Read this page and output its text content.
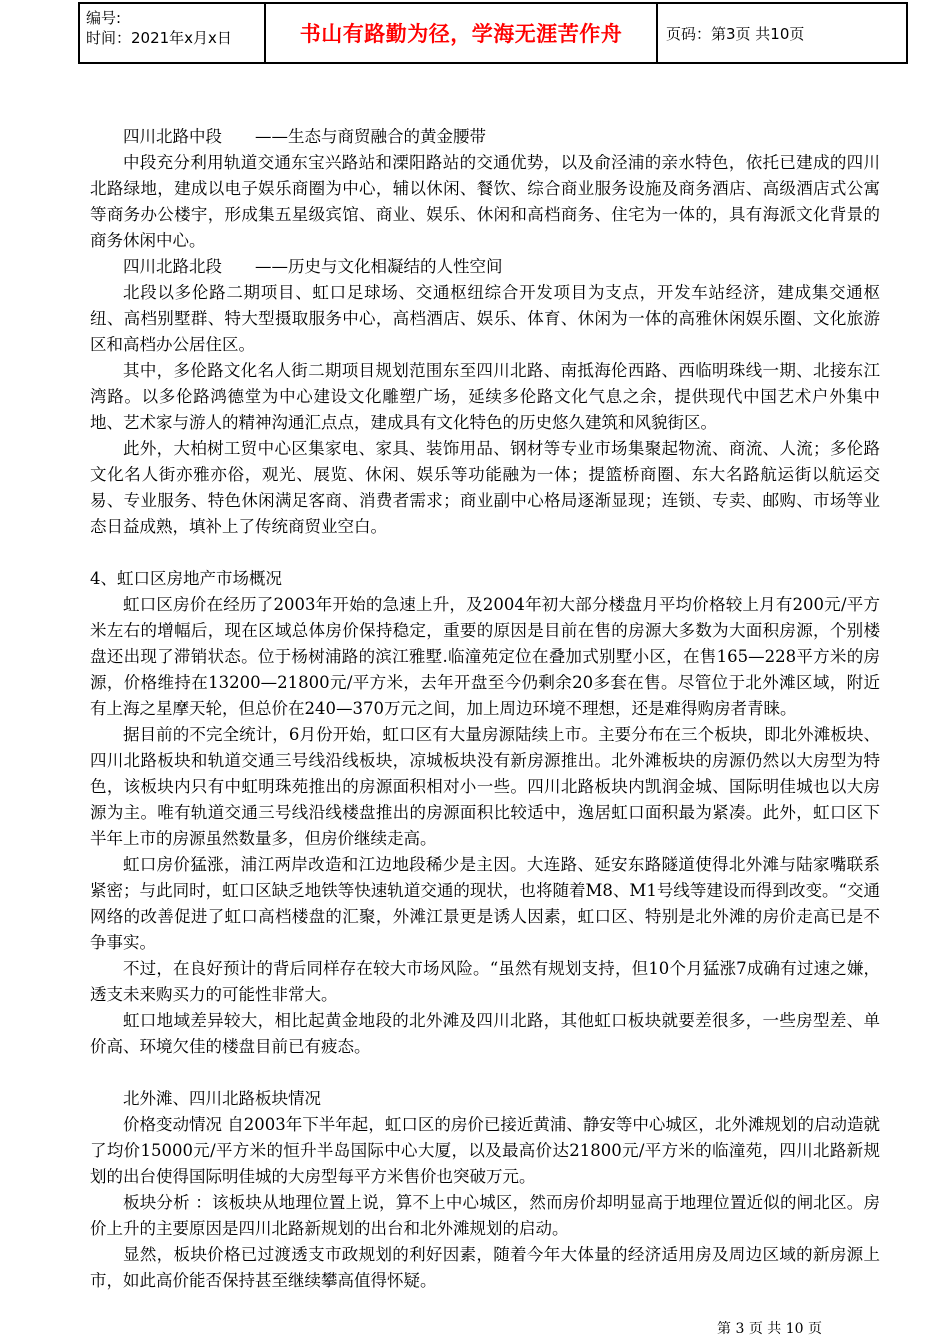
编号:
时间：2021年x月x日	书山有路勤为径，学海无涯苦作舟	页码：第3页 共10页

四川北路中段　　——生态与商贸融合的黄金腰带

中段充分利用轨道交通东宝兴路站和溧阳路站的交通优势，以及俞泾浦的亲水特色，依托已建成的四川北路绿地，建成以电子娱乐商圈为中心，辅以休闲、餐饮、综合商业服务设施及商务酒店、高级酒店式公寓等商务办公楼宇，形成集五星级宾馆、商业、娱乐、休闲和高档商务、住宅为一体的，具有海派文化背景的商务休闲中心。

四川北路北段　　——历史与文化相凝结的人性空间

北段以多伦路二期项目、虹口足球场、交通枢纽综合开发项目为支点，开发车站经济，建成集交通枢纽、高档别墅群、特大型摄取服务中心，高档酒店、娱乐、体育、休闲为一体的高雅休闲娱乐圈、文化旅游区和高档办公居住区。

其中，多伦路文化名人街二期项目规划范围东至四川北路、南抵海伦西路、西临明珠线一期、北接东江湾路。以多伦路鸿德堂为中心建设文化雕塑广场，延续多伦路文化气息之余，提供现代中国艺术户外集中地、艺术家与游人的精神沟通汇点点，建成具有文化特色的历史悠久建筑和风貌街区。

此外，大柏树工贸中心区集家电、家具、装饰用品、钢材等专业市场集聚起物流、商流、人流；多伦路文化名人街亦雅亦俗，观光、展览、休闲、娱乐等功能融为一体；提篮桥商圈、东大名路航运街以航运交易、专业服务、特色休闲满足客商、消费者需求；商业副中心格局逐渐显现；连锁、专卖、邮购、市场等业态日益成熟，填补上了传统商贸业空白。

4、虹口区房地产市场概况

虹口区房价在经历了2003年开始的急速上升，及2004年初大部分楼盘月平均价格较上月有200元/平方米左右的增幅后，现在区域总体房价保持稳定，重要的原因是目前在售的房源大多数为大面积房源，个别楼盘还出现了滞销状态。位于杨树浦路的滨江雅墅.临潼苑定位在叠加式别墅小区，在售165—228平方米的房源，价格维持在13200—21800元/平方米，去年开盘至今仍剩余20多套在售。尽管位于北外滩区域，附近有上海之星摩天轮，但总价在240—370万元之间，加上周边环境不理想，还是难得购房者青睐。

据目前的不完全统计，6月份开始，虹口区有大量房源陆续上市。主要分布在三个板块，即北外滩板块、四川北路板块和轨道交通三号线沿线板块，凉城板块没有新房源推出。北外滩板块的房源仍然以大房型为特色，该板块内只有中虹明珠苑推出的房源面积相对小一些。四川北路板块内凯润金城、国际明佳城也以大房源为主。唯有轨道交通三号线沿线楼盘推出的房源面积比较适中，逸居虹口面积最为紧凑。此外，虹口区下半年上市的房源虽然数量多，但房价继续走高。

虹口房价猛涨，浦江两岸改造和江边地段稀少是主因。大连路、延安东路隧道使得北外滩与陆家嘴联系紧密；与此同时，虹口区缺乏地铁等快速轨道交通的现状，也将随着M8、M1号线等建设而得到改变。“交通网络的改善促进了虹口高档楼盘的汇聚，外滩江景更是诱人因素，虹口区、特别是北外滩的房价走高已是不争事实。

不过，在良好预计的背后同样存在较大市场风险。“虽然有规划支持，但10个月猛涨7成确有过速之嫌，透支未来购买力的可能性非常大。

虹口地域差异较大，相比起黄金地段的北外滩及四川北路，其他虹口板块就要差很多，一些房型差、单价高、环境欠佳的楼盘目前已有疲态。

北外滩、四川北路板块情况

价格变动情况 自2003年下半年起，虹口区的房价已接近黄浦、静安等中心城区，北外滩规划的启动造就了均价15000元/平方米的恒升半岛国际中心大厦，以及最高价达21800元/平方米的临潼苑，四川北路新规划的出台使得国际明佳城的大房型每平方米售价也突破万元。

板块分析 ：该板块从地理位置上说，算不上中心城区，然而房价却明显高于地理位置近似的闸北区。房价上升的主要原因是四川北路新规划的出台和北外滩规划的启动。

显然，板块价格已过渡透支市政规划的利好因素，随着今年大体量的经济适用房及周边区域的新房源上市，如此高价能否保持甚至继续攀高值得怀疑。

第 3 页 共 10 页
